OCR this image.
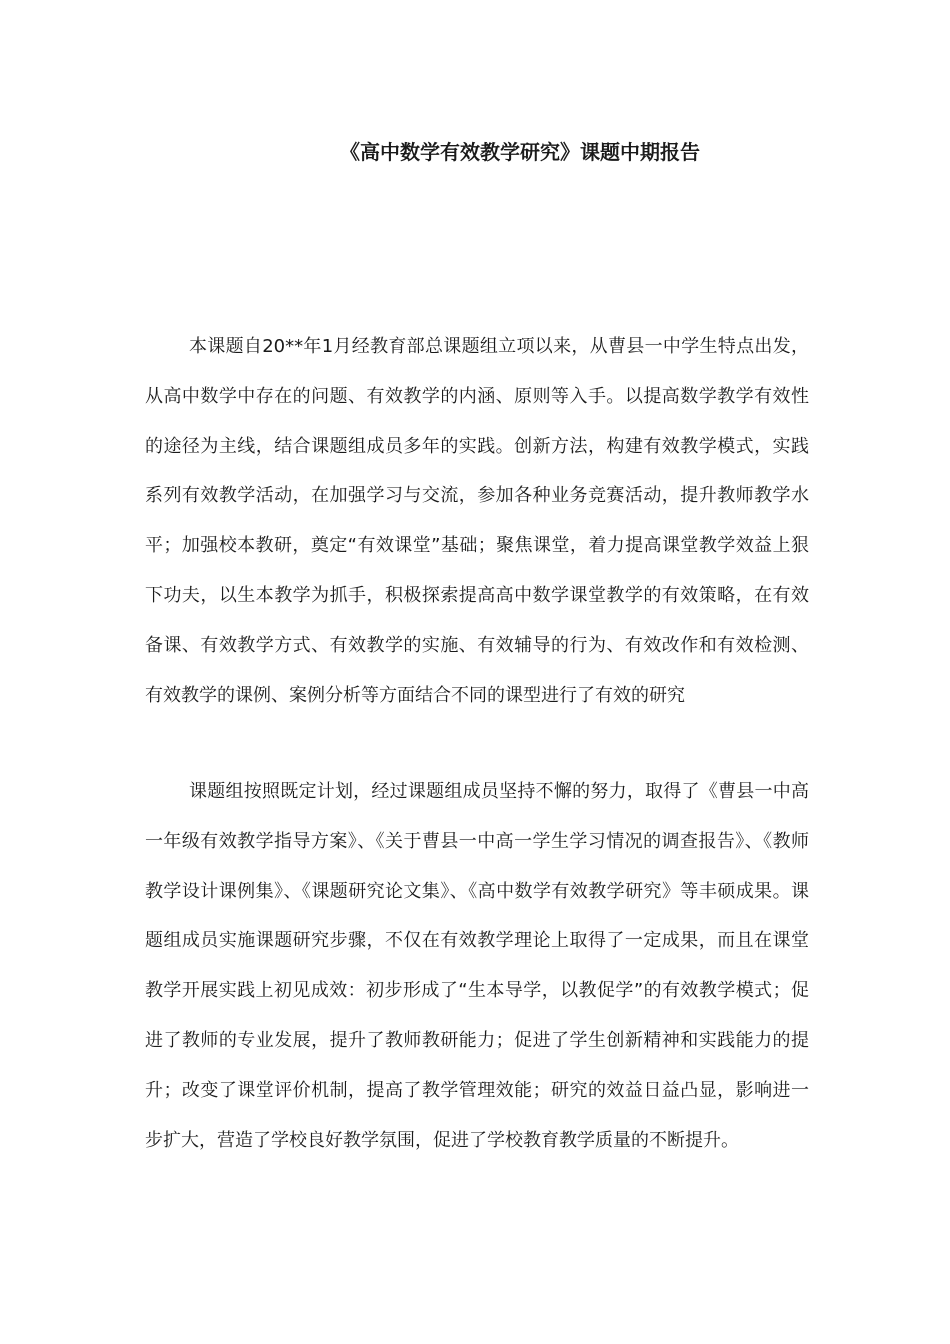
《高中数学有效教学研究》课题中期报告

本课题自20**年1月经教育部总课题组立项以来，从曹县一中学生特点出发，从高中数学中存在的问题、有效教学的内涵、原则等入手。以提高数学教学有效性的途径为主线，结合课题组成员多年的实践。创新方法，构建有效教学模式，实践系列有效教学活动，在加强学习与交流，参加各种业务竞赛活动，提升教师教学水平；加强校本教研，奠定“有效课堂”基础；聚焦课堂，着力提高课堂教学效益上狠下功夫，以生本教学为抓手，积极探索提高高中数学课堂教学的有效策略，在有效备课、有效教学方式、有效教学的实施、有效辅导的行为、有效改作和有效检测、有效教学的课例、案例分析等方面结合不同的课型进行了有效的研究

课题组按照既定计划，经过课题组成员坚持不懈的努力，取得了《曹县一中高一年级有效教学指导方案》、《关于曹县一中高一学生学习情况的调查报告》、《教师教学设计课例集》、《课题研究论文集》、《高中数学有效教学研究》等丰硕成果。课题组成员实施课题研究步骤，不仅在有效教学理论上取得了一定成果，而且在课堂教学开展实践上初见成效：初步形成了“生本导学，以教促学”的有效教学模式；促进了教师的专业发展，提升了教师教研能力；促进了学生创新精神和实践能力的提升；改变了课堂评价机制，提高了教学管理效能；研究的效益日益凸显，影响进一步扩大，营造了学校良好教学氛围，促进了学校教育教学质量的不断提升。
